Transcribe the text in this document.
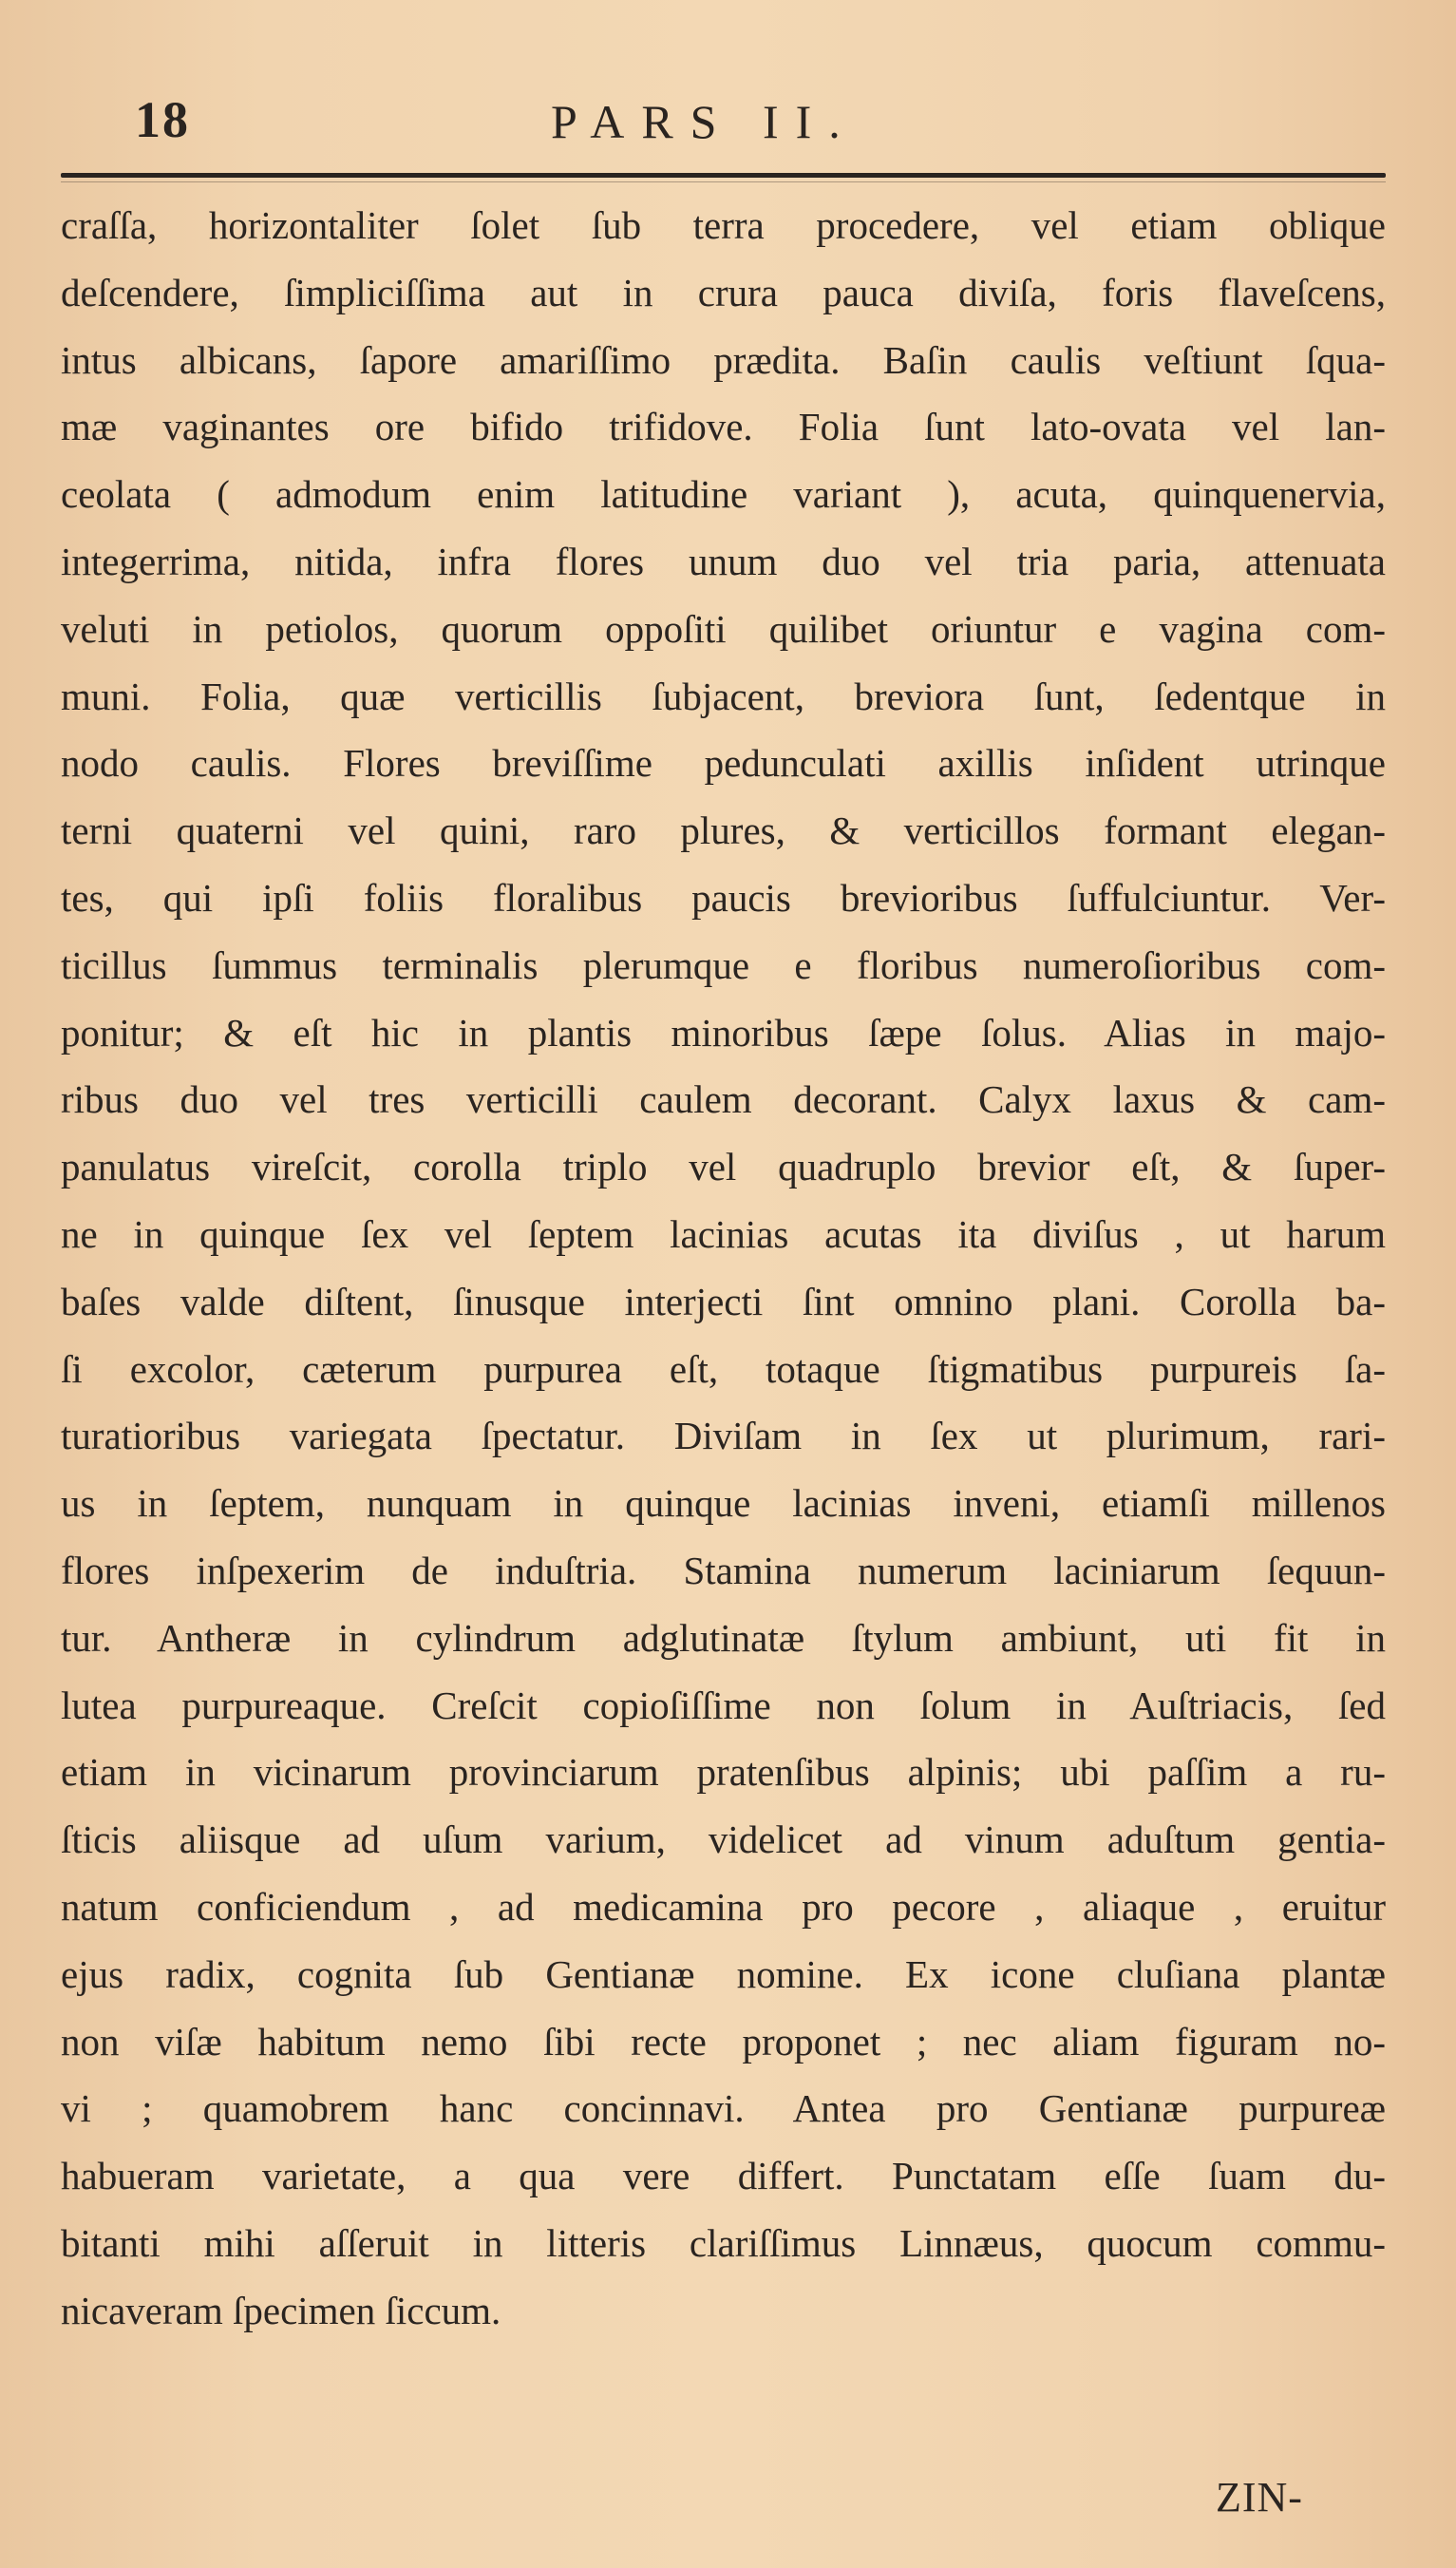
18	PARS II.
craſſa, horizontaliter ſolet ſub terra procedere, vel etiam oblique
deſcendere, ſimpliciſſima aut in crura pauca diviſa, foris flaveſcens,
intus albicans, ſapore amariſſimo prædita. Baſin caulis veſtiunt ſqua-
mæ vaginantes ore bifido trifidove. Folia ſunt lato-ovata vel lan-
ceolata ( admodum enim latitudine variant ), acuta, quinquenervia,
integerrima, nitida, infra flores unum duo vel tria paria, attenuata
veluti in petiolos, quorum oppoſiti quilibet oriuntur e vagina com-
muni. Folia, quæ verticillis ſubjacent, breviora ſunt, ſedentque in
nodo caulis. Flores breviſſime pedunculati axillis inſident utrinque
terni quaterni vel quini, raro plures, & verticillos formant elegan-
tes, qui ipſi foliis floralibus paucis brevioribus ſuffulciuntur. Ver-
ticillus ſummus terminalis plerumque e floribus numeroſioribus com-
ponitur; & eſt hic in plantis minoribus ſæpe ſolus. Alias in majo-
ribus duo vel tres verticilli caulem decorant. Calyx laxus & cam-
panulatus vireſcit, corolla triplo vel quadruplo brevior eſt, & ſuper-
ne in quinque ſex vel ſeptem lacinias acutas ita diviſus , ut harum
baſes valde diſtent, ſinusque interjecti ſint omnino plani. Corolla ba-
ſi excolor, cæterum purpurea eſt, totaque ſtigmatibus purpureis ſa-
turatioribus variegata ſpectatur. Diviſam in ſex ut plurimum, rari-
us in ſeptem, nunquam in quinque lacinias inveni, etiamſi millenos
flores inſpexerim de induſtria. Stamina numerum laciniarum ſequun-
tur. Antheræ in cylindrum adglutinatæ ſtylum ambiunt, uti fit in
lutea purpureaque. Creſcit copioſiſſime non ſolum in Auſtriacis, ſed
etiam in vicinarum provinciarum pratenſibus alpinis; ubi paſſim a ru-
ſticis aliisque ad uſum varium, videlicet ad vinum aduſtum gentia-
natum conficiendum , ad medicamina pro pecore , aliaque , eruitur
ejus radix, cognita ſub Gentianæ nomine. Ex icone cluſiana plantæ
non viſæ habitum nemo ſibi recte proponet ; nec aliam figuram no-
vi ; quamobrem hanc concinnavi. Antea pro Gentianæ purpureæ
habueram varietate, a qua vere differt. Punctatam eſſe ſuam du-
bitanti mihi aſſeruit in litteris clariſſimus Linnæus, quocum commu-
nicaveram ſpecimen ſiccum.
ZIN-
